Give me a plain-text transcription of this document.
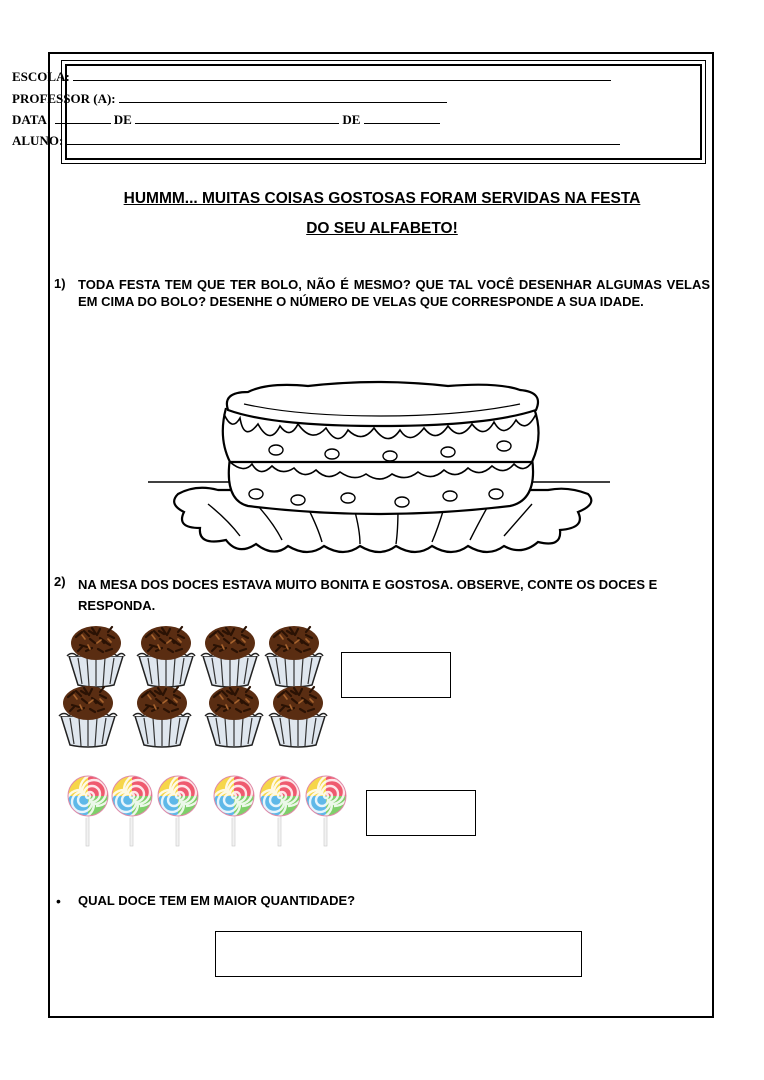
ESCOLA:
PROFESSOR (A):
DATA:	DE	DE
ALUNO:
HUMMM... MUITAS COISAS GOSTOSAS FORAM SERVIDAS NA FESTA
DO SEU ALFABETO!
1) TODA FESTA TEM QUE TER BOLO, NÃO É MESMO? QUE TAL VOCÊ DESENHAR ALGUMAS VELAS EM CIMA DO BOLO? DESENHE O NÚMERO DE VELAS QUE CORRESPONDE A SUA IDADE.
2) NA MESA DOS DOCES ESTAVA MUITO BONITA E GOSTOSA. OBSERVE, CONTE OS DOCES E RESPONDA.
• QUAL DOCE TEM EM MAIOR QUANTIDADE?
